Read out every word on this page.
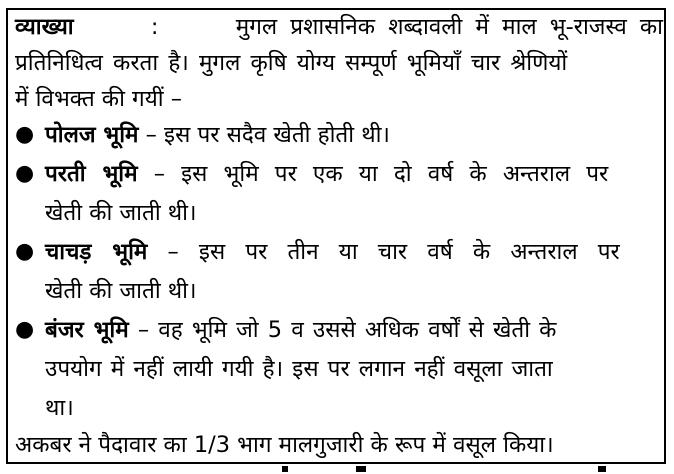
व्याख्या	:	मुगल प्रशासनिक शब्दावली में माल भू-राजस्व का
प्रतिनिधित्व करता है। मुगल कृषि योग्य सम्पूर्ण भूमियाँ चार श्रेणियों
में विभक्त की गयीं –
● पोलज भूमि – इस पर सदैव खेती होती थी।
● परती भूमि – इस भूमि पर एक या दो वर्ष के अन्तराल पर
खेती की जाती थी।
● चाचड़ भूमि – इस पर तीन या चार वर्ष के अन्तराल पर
खेती की जाती थी।
● बंजर भूमि – वह भूमि जो 5 व उससे अधिक वर्षों से खेती के
उपयोग में नहीं लायी गयी है। इस पर लगान नहीं वसूला जाता
था।
अकबर ने पैदावार का 1/3 भाग मालगुजारी के रूप में वसूल किया।
